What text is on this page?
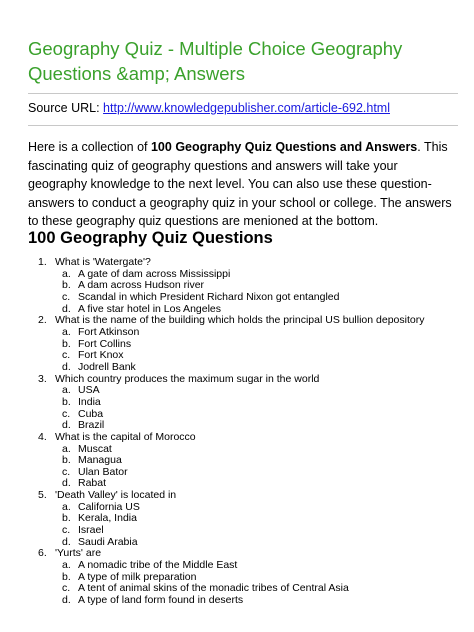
Geography Quiz - Multiple Choice Geography Questions &amp; Answers
Source URL: http://www.knowledgepublisher.com/article-692.html
Here is a collection of 100 Geography Quiz Questions and Answers. This fascinating quiz of geography questions and answers will take your geography knowledge to the next level. You can also use these question-answers to conduct a geography quiz in your school or college. The answers to these geography quiz questions are menioned at the bottom.
100 Geography Quiz Questions
1. What is 'Watergate'?
a. A gate of dam across Mississippi
b. A dam across Hudson river
c. Scandal in which President Richard Nixon got entangled
d. A five star hotel in Los Angeles
2. What is the name of the building which holds the principal US bullion depository
a. Fort Atkinson
b. Fort Collins
c. Fort Knox
d. Jodrell Bank
3. Which country produces the maximum sugar in the world
a. USA
b. India
c. Cuba
d. Brazil
4. What is the capital of Morocco
a. Muscat
b. Managua
c. Ulan Bator
d. Rabat
5. 'Death Valley' is located in
a. California US
b. Kerala, India
c. Israel
d. Saudi Arabia
6. 'Yurts' are
a. A nomadic tribe of the Middle East
b. A type of milk preparation
c. A tent of animal skins of the monadic tribes of Central Asia
d. A type of land form found in deserts
